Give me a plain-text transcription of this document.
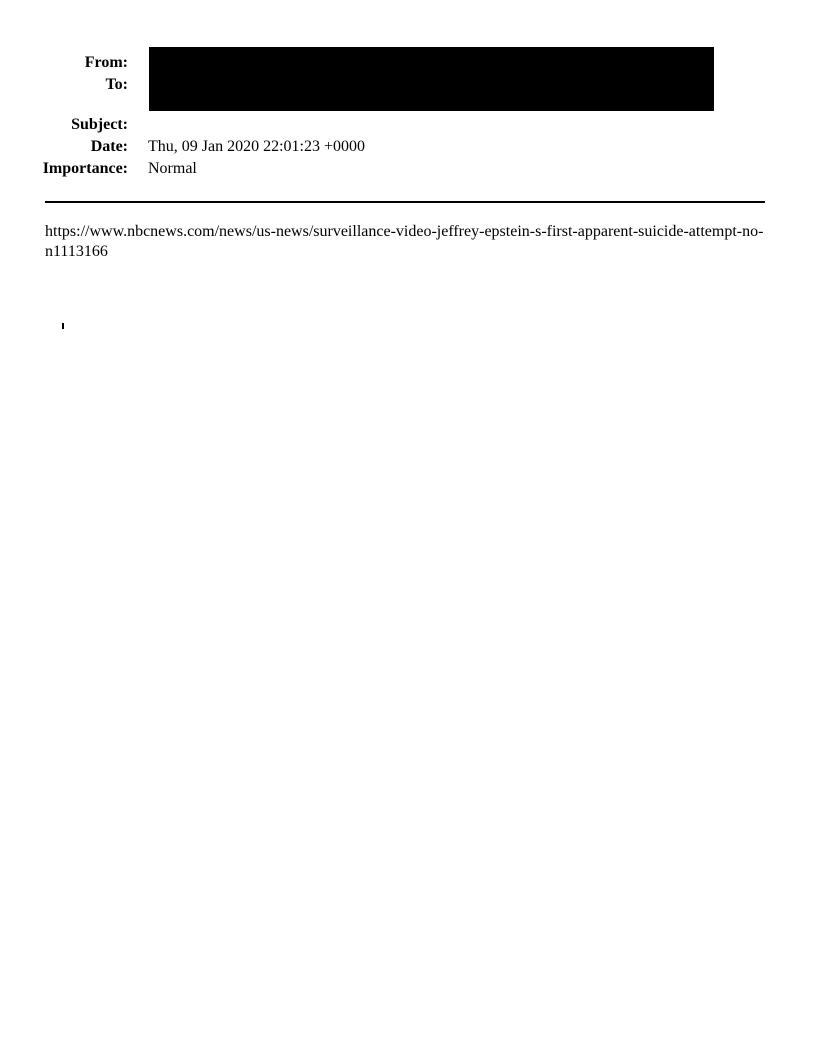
From:
To:
Subject:
Date: Thu, 09 Jan 2020 22:01:23 +0000
Importance: Normal
https://www.nbcnews.com/news/us-news/surveillance-video-jeffrey-epstein-s-first-apparent-suicide-attempt-no-n1113166
